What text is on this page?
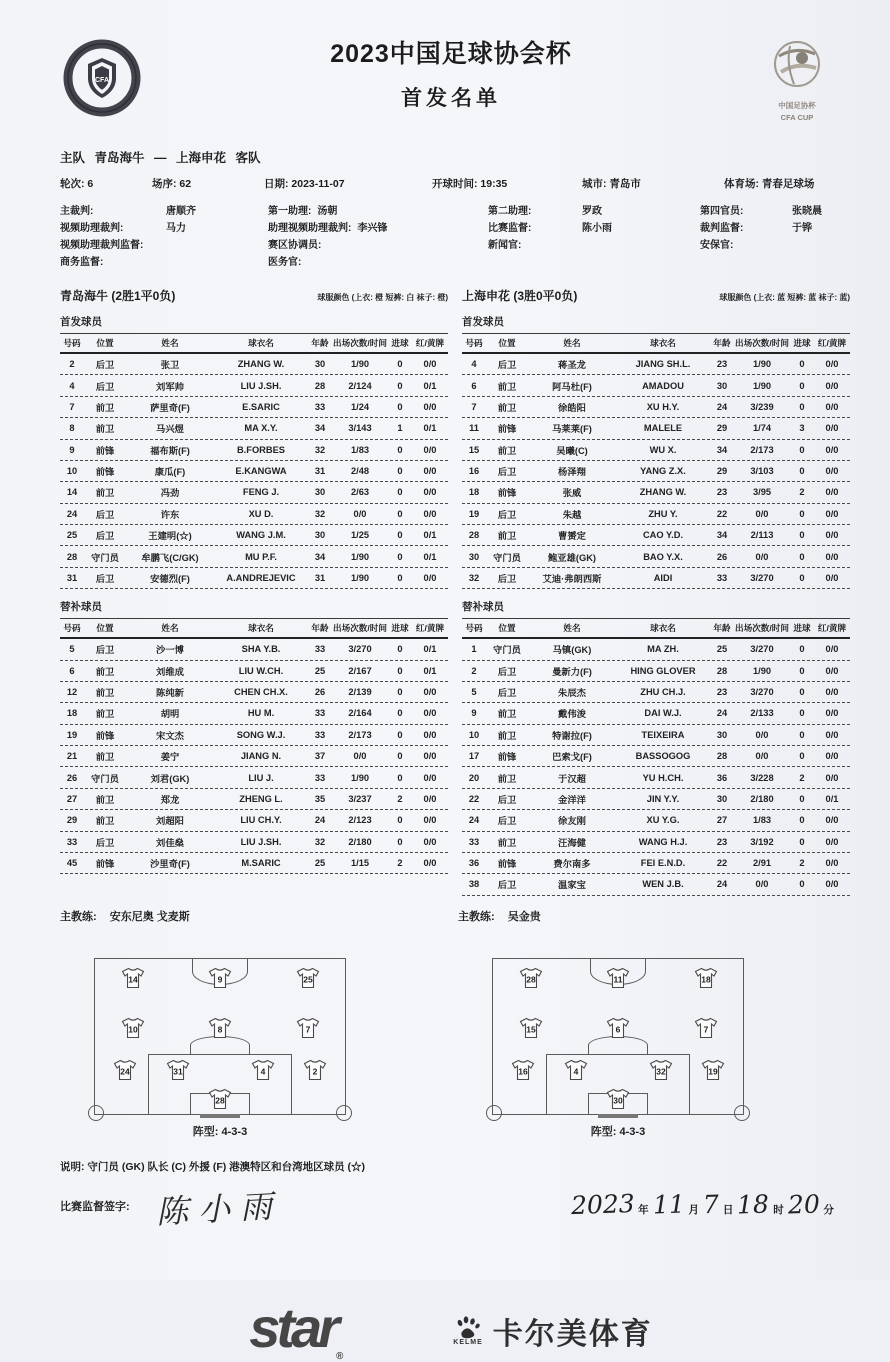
CFA
2023中国足球协会杯
首发名单	中国足协杯
CFA CUP
主队 青岛海牛 — 上海申花 客队
轮次: 6	场序: 62	日期: 2023-11-07	开球时间: 19:35	城市: 青岛市	体育场: 青春足球场
主裁判:	唐顺齐	第一助理: 汤朝	第二助理:	罗政	第四官员:	张晓晨
视频助理裁判:	马力	助理视频助理裁判: 李兴锋	比赛监督:	陈小雨	裁判监督:	于铧
视频助理裁判监督:	赛区协调员:	新闻官:	安保官:
商务监督:	医务官:
青岛海牛 (2胜1平0负)	球服颜色 (上衣: 橙 短裤: 白 袜子: 橙)
首发球员
号码	位置	姓名	球衣名	年龄 出场次数/时间 进球 红/黄牌
2	后卫	张卫	ZHANG W.	30	1/90	0	0/0
4	后卫	刘军帅	LIU J.SH.	28	2/124	0	0/1
7	前卫	萨里奇(F)	E.SARIC	33	1/24	0	0/0
8	前卫	马兴煜	MA X.Y.	34	3/143	1	0/1
9	前锋	福布斯(F)	B.FORBES	32	1/83	0	0/0
10	前锋	康瓜(F)	E.KANGWA	31	2/48	0	0/0
14	前卫	冯劲	FENG J.	30	2/63	0	0/0
24	后卫	许东	XU D.	32	0/0	0	0/0
25	后卫	王建明(☆)	WANG J.M.	30	1/25	0	0/1
28	守门员	牟鹏飞(C/GK)	MU P.F.	34	1/90	0	0/1
31	后卫	安德烈(F)	A.ANDREJEVIC	31	1/90	0	0/0
替补球员
号码	位置	姓名	球衣名	年龄 出场次数/时间 进球 红/黄牌
5	后卫	沙一博	SHA Y.B.	33	3/270	0	0/1
6	前卫	刘维成	LIU W.CH.	25	2/167	0	0/1
12	前卫	陈纯新	CHEN CH.X.	26	2/139	0	0/0
18	前卫	胡明	HU M.	33	2/164	0	0/0
19	前锋	宋文杰	SONG W.J.	33	2/173	0	0/0
21	前卫	姜宁	JIANG N.	37	0/0	0	0/0
26	守门员	刘君(GK)	LIU J.	33	1/90	0	0/0
27	前卫	郑龙	ZHENG L.	35	3/237	2	0/0
29	前卫	刘超阳	LIU CH.Y.	24	2/123	0	0/0
33	后卫	刘佳燊	LIU J.SH.	32	2/180	0	0/0
45	前锋	沙里奇(F)	M.SARIC	25	1/15	2	0/0
上海申花 (3胜0平0负)	球服颜色 (上衣: 蓝 短裤: 蓝 袜子: 蓝)
首发球员
号码	位置	姓名	球衣名	年龄 出场次数/时间 进球 红/黄牌
4	后卫	蒋圣龙	JIANG SH.L.	23	1/90	0	0/0
6	前卫	阿马杜(F)	AMADOU	30	1/90	0	0/0
7	前卫	徐皓阳	XU H.Y.	24	3/239	0	0/0
11	前锋	马莱莱(F)	MALELE	29	1/74	3	0/0
15	前卫	吴曦(C)	WU X.	34	2/173	0	0/0
16	后卫	杨泽翔	YANG Z.X.	29	3/103	0	0/0
18	前锋	张威	ZHANG W.	23	3/95	2	0/0
19	后卫	朱越	ZHU Y.	22	0/0	0	0/0
28	前卫	曹赟定	CAO Y.D.	34	2/113	0	0/0
30	守门员	鲍亚雄(GK)	BAO Y.X.	26	0/0	0	0/0
32	后卫	艾迪·弗朗西斯	AIDI	33	3/270	0	0/0
替补球员
号码	位置	姓名	球衣名	年龄 出场次数/时间 进球 红/黄牌
1	守门员	马镇(GK)	MA ZH.	25	3/270	0	0/0
2	后卫	曼新力(F)	HING GLOVER	28	1/90	0	0/0
5	后卫	朱辰杰	ZHU CH.J.	23	3/270	0	0/0
9	前卫	戴伟浚	DAI W.J.	24	2/133	0	0/0
10	前卫	特谢拉(F)	TEIXEIRA	30	0/0	0	0/0
17	前锋	巴索戈(F)	BASSOGOG	28	0/0	0	0/0
20	前卫	于汉超	YU H.CH.	36	3/228	2	0/0
22	后卫	金洋洋	JIN Y.Y.	30	2/180	0	0/1
24	后卫	徐友刚	XU Y.G.	27	1/83	0	0/0
33	前卫	汪海健	WANG H.J.	23	3/192	0	0/0
36	前锋	费尔南多	FEI E.N.D.	22	2/91	2	0/0
38	后卫	温家宝	WEN J.B.	24	0/0	0	0/0
主教练: 安东尼奥 戈麦斯	主教练: 吴金贵
14	9	25
10	8	7
24	31	4	2
28
阵型: 4-3-3
28	11	18
15	6	7
16	4	32	19
30
阵型: 4-3-3
说明: 守门员 (GK) 队长 (C) 外援 (F) 港澳特区和台湾地区球员 (☆)
比赛监督签字: 陈小雨	2023 年 11 月 7 日 18 时 20 分
star$_®$
KELME 卡尔美体育
